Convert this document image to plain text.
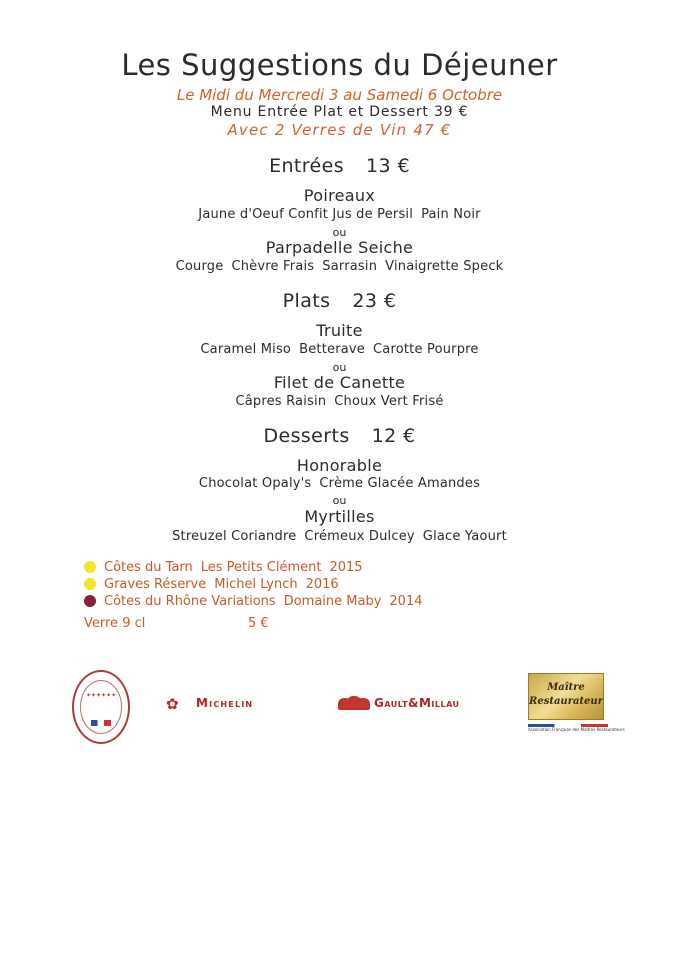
Les Suggestions du Déjeuner
Le Midi du Mercredi 3 au Samedi 6 Octobre
Menu Entrée Plat et Dessert 39 €
Avec 2 Verres de Vin 47 €
Entrées 13 €
Poireaux
Jaune d'Oeuf Confit Jus de Persil Pain Noir
ou
Parpadelle Seiche
Courge Chèvre Frais Sarrasin Vinaigrette Speck
Plats 23 €
Truite
Caramel Miso Betterave Carotte Pourpre
ou
Filet de Canette
Câpres Raisin Choux Vert Frisé
Desserts 12 €
Honorable
Chocolat Opaly's Crème Glacée Amandes
ou
Myrtilles
Streuzel Coriandre Crémeux Dulcey Glace Yaourt
Côtes du Tarn Les Petits Clément 2015
Graves Réserve Michel Lynch 2016
Côtes du Rhône Variations Domaine Maby 2014
Verre 9 cl	5 €
✦✦✦✦✦✦	✿ Michelin	Gault&Millau
Maître
Restaurateur
Association Française des Maîtres Restaurateurs
